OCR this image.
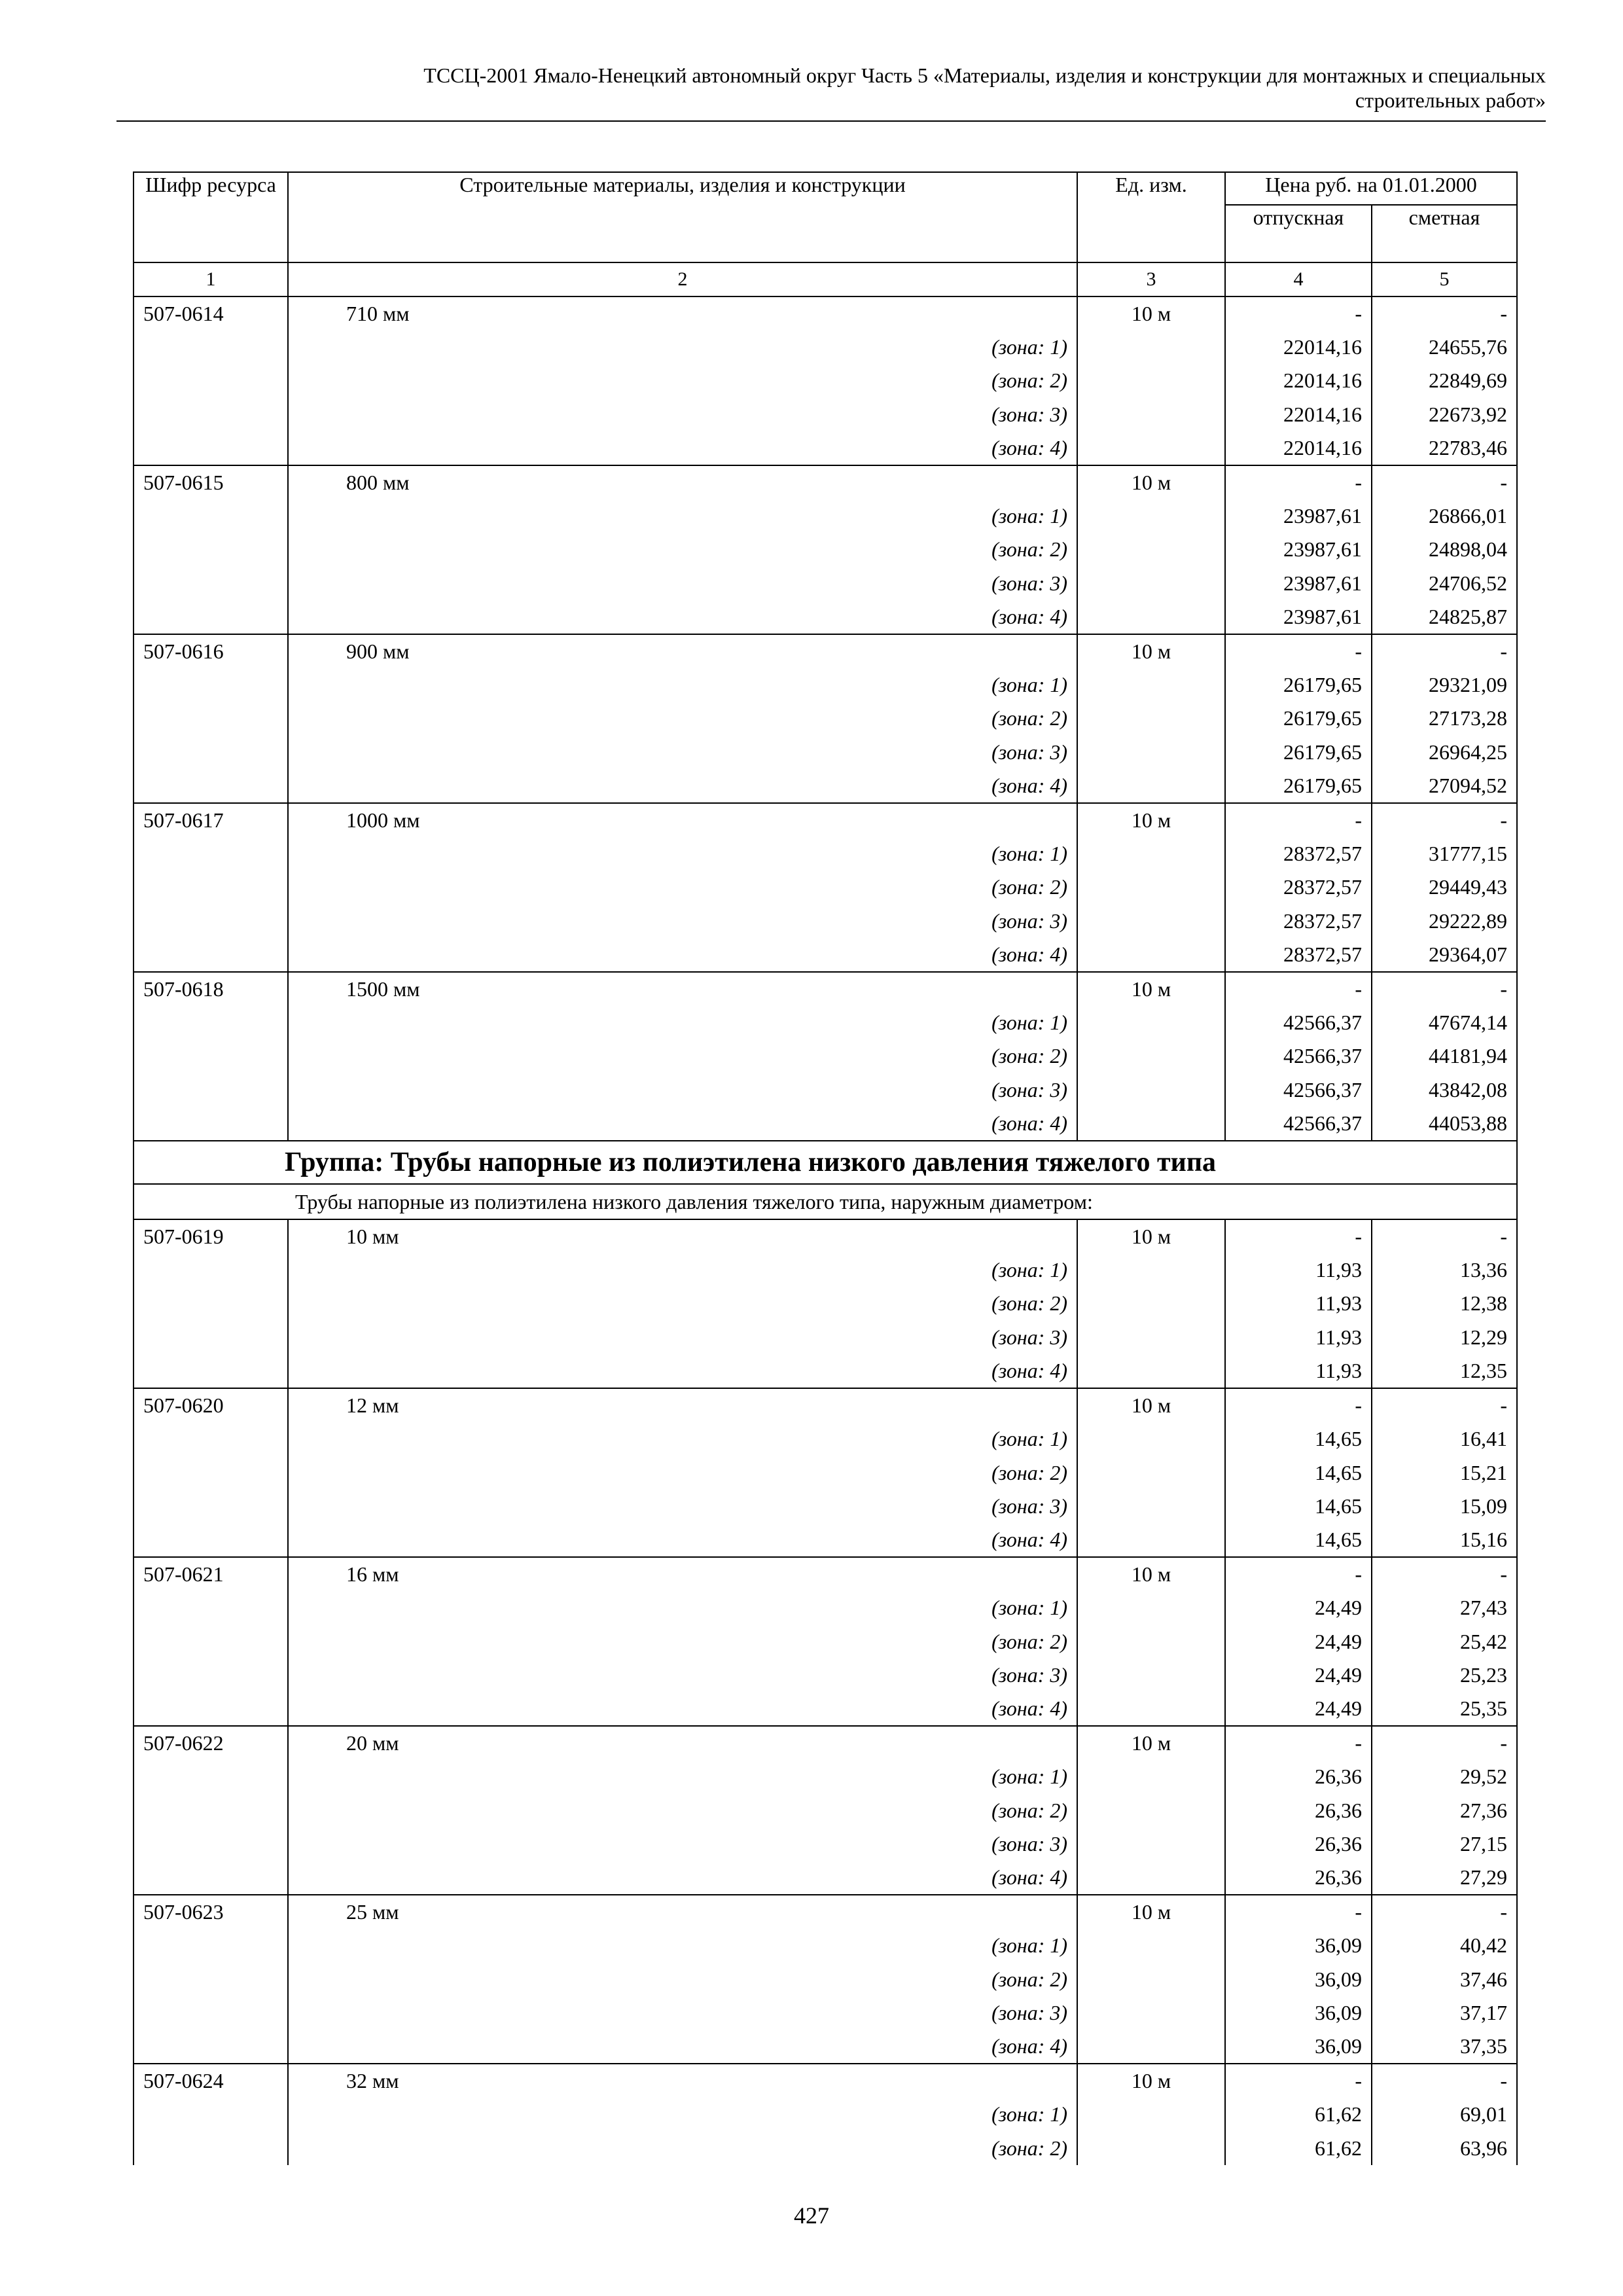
ТССЦ-2001 Ямало-Ненецкий автономный округ Часть 5 «Материалы, изделия и конструкции для монтажных и специальных
строительных работ»
Шифр ресурса	Строительные материалы, изделия и конструкции	Ед. изм.	Цена руб. на 01.01.2000	
			отпускная	сметная
1	2	3	4	5
507-0614	710 мм	10 м	-	-

	(зона: 1)		22014,16	24655,76

	(зона: 2)		22014,16	22849,69

	(зона: 3)		22014,16	22673,92

	(зона: 4)		22014,16	22783,46
507-0615	800 мм	10 м	-	-

	(зона: 1)		23987,61	26866,01

	(зона: 2)		23987,61	24898,04

	(зона: 3)		23987,61	24706,52

	(зона: 4)		23987,61	24825,87
507-0616	900 мм	10 м	-	-

	(зона: 1)		26179,65	29321,09

	(зона: 2)		26179,65	27173,28

	(зона: 3)		26179,65	26964,25

	(зона: 4)		26179,65	27094,52
507-0617	1000 мм	10 м	-	-

	(зона: 1)		28372,57	31777,15

	(зона: 2)		28372,57	29449,43

	(зона: 3)		28372,57	29222,89

	(зона: 4)		28372,57	29364,07
507-0618	1500 мм	10 м	-	-

	(зона: 1)		42566,37	47674,14

	(зона: 2)		42566,37	44181,94

	(зона: 3)		42566,37	43842,08

	(зона: 4)		42566,37	44053,88
Группа: Трубы напорные из полиэтилена низкого давления тяжелого типа				
Трубы напорные из полиэтилена низкого давления тяжелого типа, наружным диаметром:				
507-0619	10 мм	10 м	-	-

	(зона: 1)		11,93	13,36

	(зона: 2)		11,93	12,38

	(зона: 3)		11,93	12,29

	(зона: 4)		11,93	12,35
507-0620	12 мм	10 м	-	-

	(зона: 1)		14,65	16,41

	(зона: 2)		14,65	15,21

	(зона: 3)		14,65	15,09

	(зона: 4)		14,65	15,16
507-0621	16 мм	10 м	-	-

	(зона: 1)		24,49	27,43

	(зона: 2)		24,49	25,42

	(зона: 3)		24,49	25,23

	(зона: 4)		24,49	25,35
507-0622	20 мм	10 м	-	-

	(зона: 1)		26,36	29,52

	(зона: 2)		26,36	27,36

	(зона: 3)		26,36	27,15

	(зона: 4)		26,36	27,29
507-0623	25 мм	10 м	-	-

	(зона: 1)		36,09	40,42

	(зона: 2)		36,09	37,46

	(зона: 3)		36,09	37,17

	(зона: 4)		36,09	37,35
507-0624	32 мм	10 м	-	-

	(зона: 1)		61,62	69,01

	(зона: 2)		61,62	63,96
427
